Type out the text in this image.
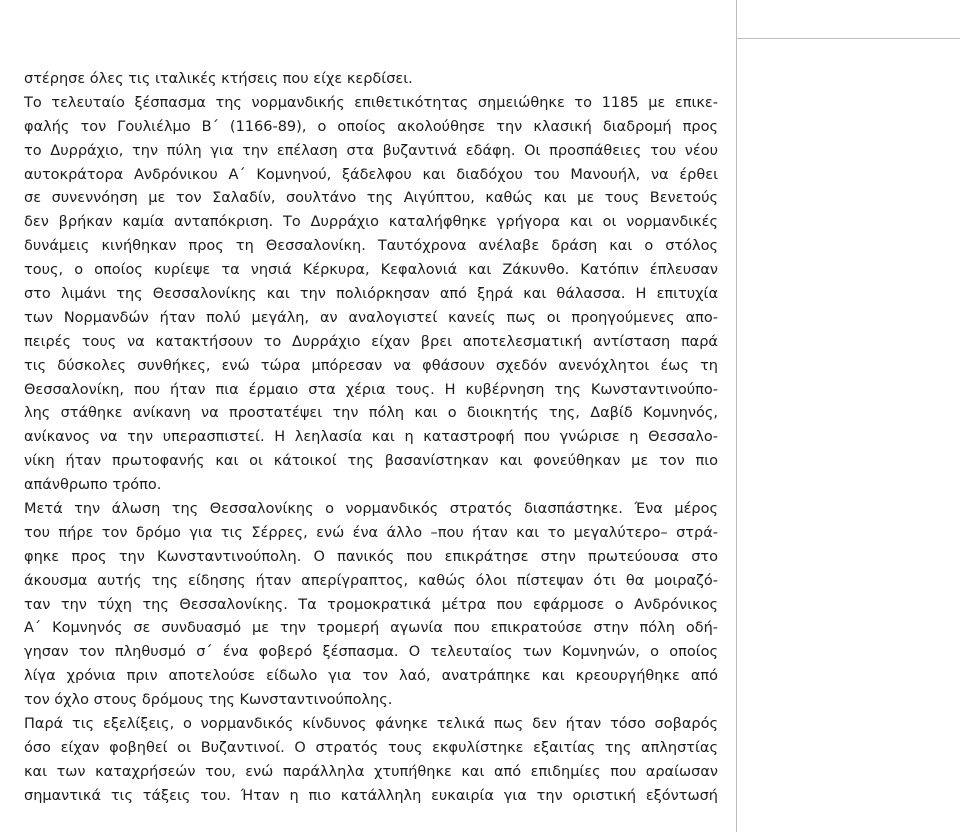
στέρησε όλες τις ιταλικές κτήσεις που είχε κερδίσει.
Το τελευταίο ξέσπασμα της νορμανδικής επιθετικότητας σημειώθηκε το 1185 με επικε-
φαλής τον Γουλιέλμο Β΄ (1166-89), ο οποίος ακολούθησε την κλασική διαδρομή προς
το Δυρράχιο, την πύλη για την επέλαση στα βυζαντινά εδάφη. Οι προσπάθειες του νέου
αυτοκράτορα Ανδρόνικου Α΄ Κομνηνού, ξάδελφου και διαδόχου του Μανουήλ, να έρθει
σε συνεννόηση με τον Σαλαδίν, σουλτάνο της Αιγύπτου, καθώς και με τους Βενετούς
δεν βρήκαν καμία ανταπόκριση. Το Δυρράχιο καταλήφθηκε γρήγορα και οι νορμανδικές
δυνάμεις κινήθηκαν προς τη Θεσσαλονίκη. Ταυτόχρονα ανέλαβε δράση και ο στόλος
τους, ο οποίος κυρίεψε τα νησιά Κέρκυρα, Κεφαλονιά και Ζάκυνθο. Κατόπιν έπλευσαν
στο λιμάνι της Θεσσαλονίκης και την πολιόρκησαν από ξηρά και θάλασσα. Η επιτυχία
των Νορμανδών ήταν πολύ μεγάλη, αν αναλογιστεί κανείς πως οι προηγούμενες απο-
πειρές τους να κατακτήσουν το Δυρράχιο είχαν βρει αποτελεσματική αντίσταση παρά
τις δύσκολες συνθήκες, ενώ τώρα μπόρεσαν να φθάσουν σχεδόν ανενόχλητοι έως τη
Θεσσαλονίκη, που ήταν πια έρμαιο στα χέρια τους. Η κυβέρνηση της Κωνσταντινούπο-
λης στάθηκε ανίκανη να προστατέψει την πόλη και ο διοικητής της, Δαβίδ Κομνηνός,
ανίκανος να την υπερασπιστεί. Η λεηλασία και η καταστροφή που γνώρισε η Θεσσαλο-
νίκη ήταν πρωτοφανής και οι κάτοικοί της βασανίστηκαν και φονεύθηκαν με τον πιο
απάνθρωπο τρόπο.
Μετά την άλωση της Θεσσαλονίκης ο νορμανδικός στρατός διασπάστηκε. Ένα μέρος
του πήρε τον δρόμο για τις Σέρρες, ενώ ένα άλλο –που ήταν και το μεγαλύτερο– στρά-
φηκε προς την Κωνσταντινούπολη. Ο πανικός που επικράτησε στην πρωτεύουσα στο
άκουσμα αυτής της είδησης ήταν απερίγραπτος, καθώς όλοι πίστεψαν ότι θα μοιραζό-
ταν την τύχη της Θεσσαλονίκης. Τα τρομοκρατικά μέτρα που εφάρμοσε ο Ανδρόνικος
Α΄ Κομνηνός σε συνδυασμό με την τρομερή αγωνία που επικρατούσε στην πόλη οδή-
γησαν τον πληθυσμό σ΄ ένα φοβερό ξέσπασμα. Ο τελευταίος των Κομνηνών, ο οποίος
λίγα χρόνια πριν αποτελούσε είδωλο για τον λαό, ανατράπηκε και κρεουργήθηκε από
τον όχλο στους δρόμους της Κωνσταντινούπολης.
Παρά τις εξελίξεις, ο νορμανδικός κίνδυνος φάνηκε τελικά πως δεν ήταν τόσο σοβαρός
όσο είχαν φοβηθεί οι Βυζαντινοί. Ο στρατός τους εκφυλίστηκε εξαιτίας της απληστίας
και των καταχρήσεών του, ενώ παράλληλα χτυπήθηκε και από επιδημίες που αραίωσαν
σημαντικά τις τάξεις του. Ήταν η πιο κατάλληλη ευκαιρία για την οριστική εξόντωσή
